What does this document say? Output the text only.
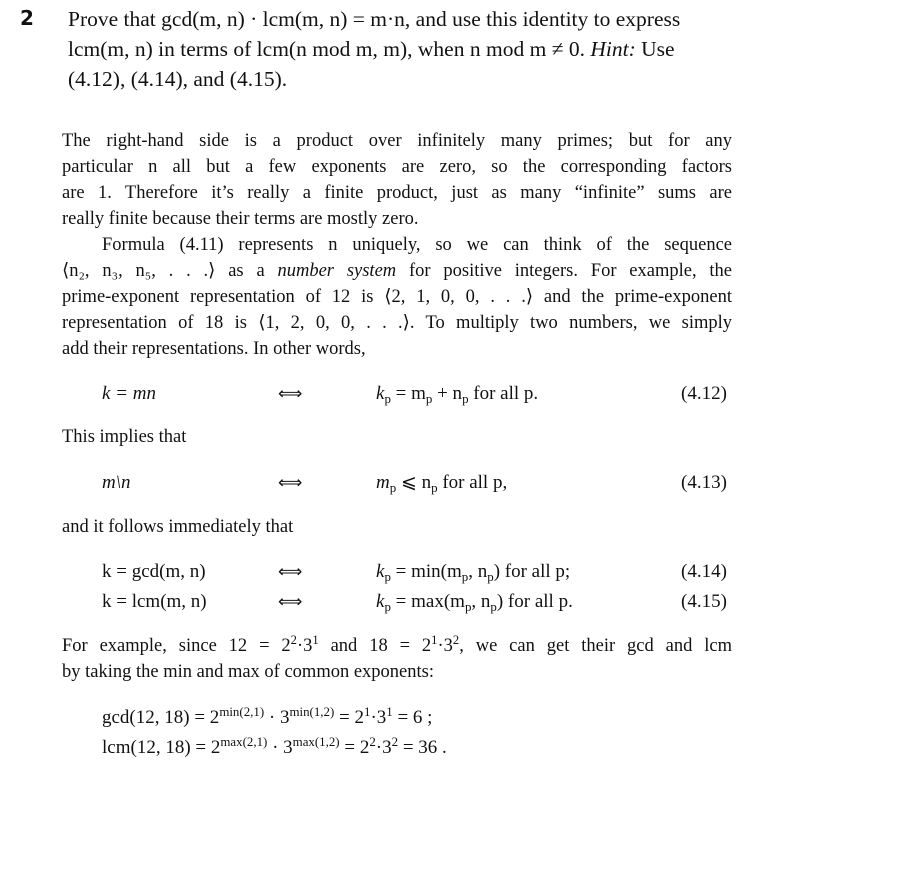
2 Prove that gcd(m, n) · lcm(m, n) = m·n, and use this identity to express
lcm(m, n) in terms of lcm(n mod m, m), when n mod m ≠ 0. Hint: Use
(4.12), (4.14), and (4.15).
The right-hand side is a product over infinitely many primes; but for any
particular n all but a few exponents are zero, so the corresponding factors
are 1. Therefore it’s really a finite product, just as many “infinite” sums are
really finite because their terms are mostly zero.
Formula (4.11) represents n uniquely, so we can think of the sequence
⟨n₂, n₃, n₅, . . .⟩ as a number system for positive integers. For example, the
prime-exponent representation of 12 is ⟨2, 1, 0, 0, . . .⟩ and the prime-exponent
representation of 18 is ⟨1, 2, 0, 0, . . .⟩. To multiply two numbers, we simply
add their representations. In other words,
k = mn	⟺	$k_p = m_p + n_p$ for all p.	(4.12)
This implies that
m\n	⟺	$m_p$ ⩽ $n_p$ for all p,	(4.13)
and it follows immediately that
k = gcd(m, n)	⟺	$k_p = \min(m_p$, $n_p$) for all p;	(4.14)
k = lcm(m, n)	⟺	$k_p = \max(m_p$, $n_p$) for all p.	(4.15)
For example, since $12 = 2^2\cdot 3^1$ and $18 = 2^1\cdot 3^2$, we can get their gcd and lcm
by taking the min and max of common exponents:
gcd(12, $18) = 2^{min(2,1)} \cdot 3^{min(1,2)} = 2^1\cdot 3^1 = 6$ ;
lcm(12, $18) = 2^{max(2,1)} \cdot 3^{max(1,2)} = 2^2\cdot 3^2 = 36$ .
